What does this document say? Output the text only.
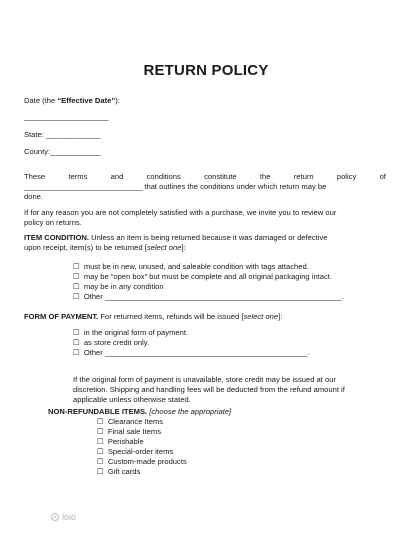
RETURN POLICY
Date (the “Effective Date”):
____________________
State: _____________
County:____________
These	terms	and	conditions	constitute	the	return	policy	of
____________________________ that outlines the conditions under which return may be
done.
If for any reason you are not completely satisfied with a purchase, we invite you to review our
policy on returns.
ITEM CONDITION. Unless an item is being returned because it was damaged or defective
upon receipt, item(s) to be returned [select one]:
☐ must be in new, unused, and saleable condition with tags attached.
☐ may be “open box” but must be complete and all original packaging intact.
☐ may be in any condition
☐ Other ________________________________________________________.
FORM OF PAYMENT. For returned items, refunds will be issued [select one]:
☐ in the original form of payment.
☐ as store credit only.
☐ Other ________________________________________________.
If the original form of payment is unavailable, store credit may be issued at our
discretion. Shipping and handling fees will be deducted from the refund amount if
applicable unless otherwise stated.
NON-REFUNDABLE ITEMS. [choose the appropriate]
☐ Clearance Items
☐ Final sale Items
☐ Perishable
☐ Special-order items
☐ Custom-made products
☐ Gift cards
loio
